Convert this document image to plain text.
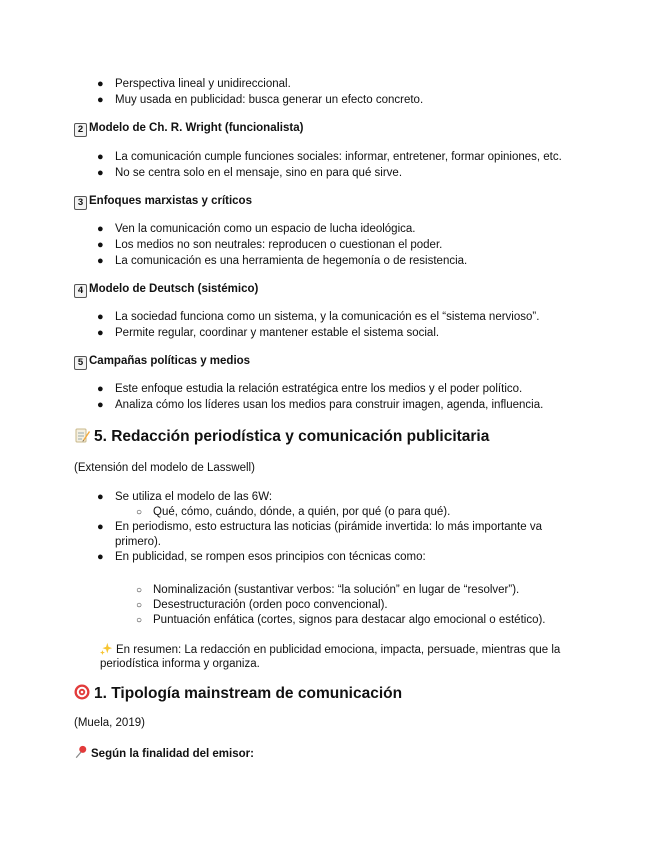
● Perspectiva lineal y unidireccional.
● Muy usada en publicidad: busca generar un efecto concreto.
2 Modelo de Ch. R. Wright (funcionalista)
● La comunicación cumple funciones sociales: informar, entretener, formar opiniones, etc.
● No se centra solo en el mensaje, sino en para qué sirve.
3 Enfoques marxistas y críticos
● Ven la comunicación como un espacio de lucha ideológica.
● Los medios no son neutrales: reproducen o cuestionan el poder.
● La comunicación es una herramienta de hegemonía o de resistencia.
4 Modelo de Deutsch (sistémico)
● La sociedad funciona como un sistema, y la comunicación es el “sistema nervioso”.
● Permite regular, coordinar y mantener estable el sistema social.
5 Campañas políticas y medios
● Este enfoque estudia la relación estratégica entre los medios y el poder político.
● Analiza cómo los líderes usan los medios para construir imagen, agenda, influencia.
5. Redacción periodística y comunicación publicitaria
(Extensión del modelo de Lasswell)
● Se utiliza el modelo de las 6W:
○ Qué, cómo, cuándo, dónde, a quién, por qué (o para qué).
● En periodismo, esto estructura las noticias (pirámide invertida: lo más importante va
primero).
● En publicidad, se rompen esos principios con técnicas como:
○ Nominalización (sustantivar verbos: “la solución” en lugar de “resolver”).
○ Desestructuración (orden poco convencional).
○ Puntuación enfática (cortes, signos para destacar algo emocional o estético).
En resumen: La redacción en publicidad emociona, impacta, persuade, mientras que la
periodística informa y organiza.
1. Tipología mainstream de comunicación
(Muela, 2019)
Según la finalidad del emisor:
